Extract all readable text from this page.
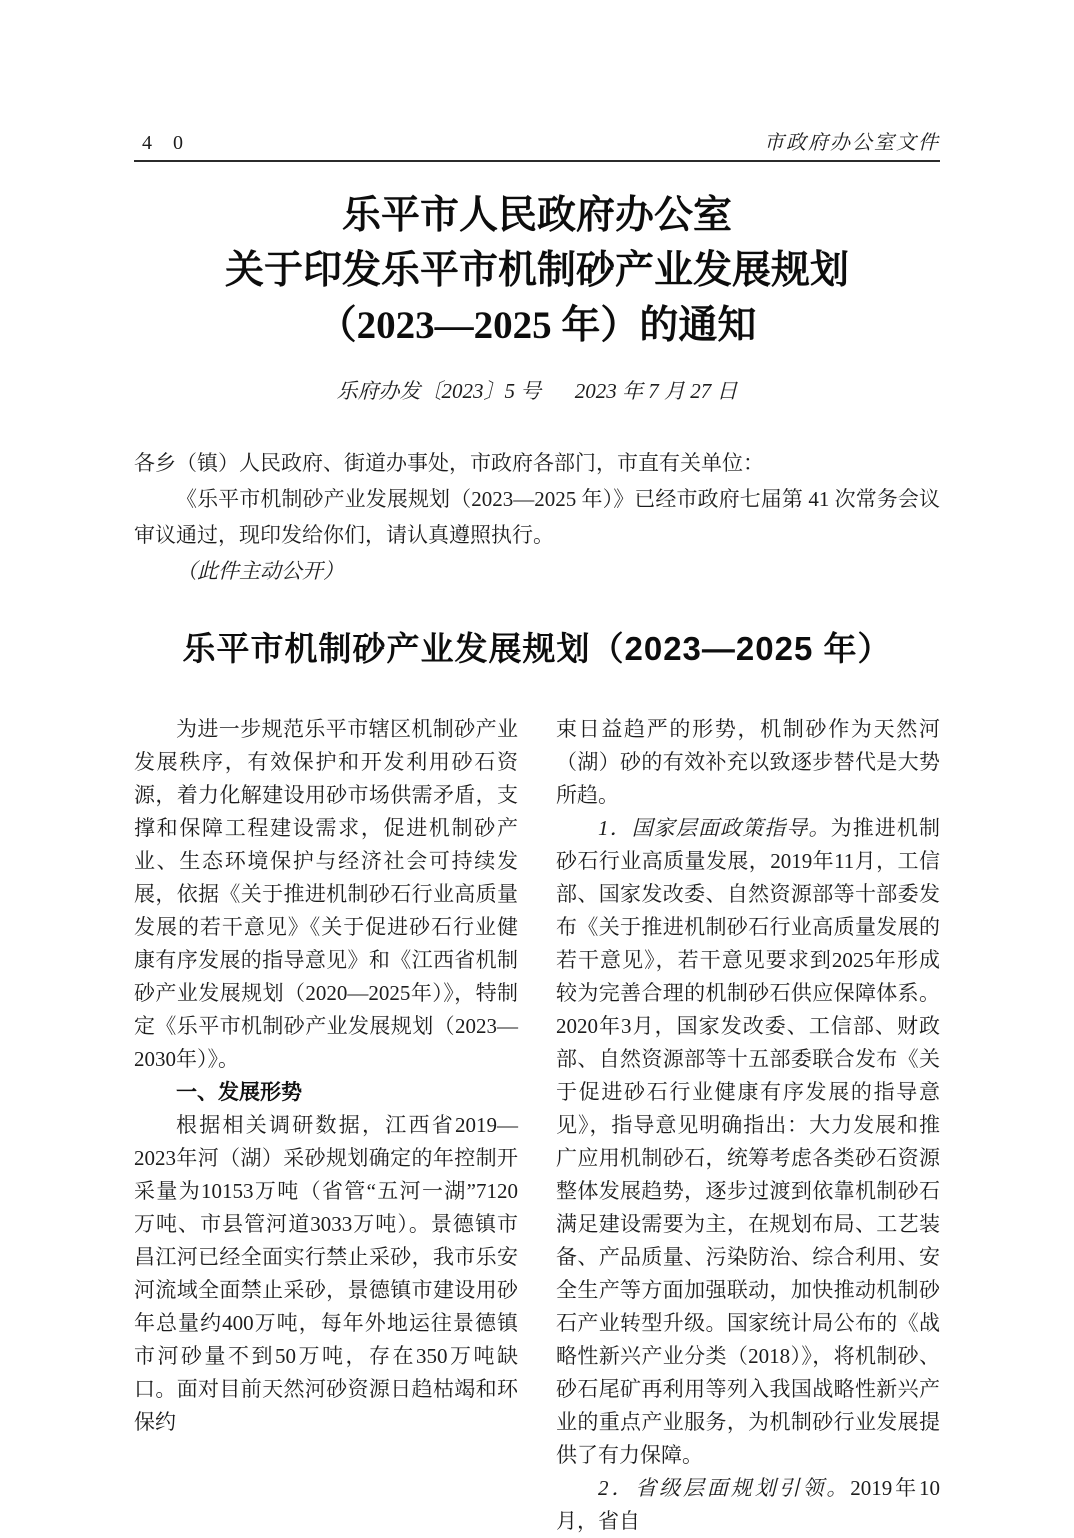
4 0	市政府办公室文件
乐平市人民政府办公室
关于印发乐平市机制砂产业发展规划
（2023—2025 年）的通知
乐府办发〔2023〕5 号 2023 年 7 月 27 日

各乡（镇）人民政府、街道办事处，市政府各部门，市直有关单位：

《乐平市机制砂产业发展规划（2023—2025 年）》已经市政府七届第 41 次常务会议审议通过，现印发给你们，请认真遵照执行。

（此件主动公开）

乐平市机制砂产业发展规划（2023—2025 年）

为进一步规范乐平市辖区机制砂产业发展秩序，有效保护和开发利用砂石资源，着力化解建设用砂市场供需矛盾，支撑和保障工程建设需求，促进机制砂产业、生态环境保护与经济社会可持续发展，依据《关于推进机制砂石行业高质量发展的若干意见》《关于促进砂石行业健康有序发展的指导意见》和《江西省机制砂产业发展规划（2020—2025年）》，特制定《乐平市机制砂产业发展规划（2023—2030年）》。

一、发展形势

根据相关调研数据，江西省2019—2023年河（湖）采砂规划确定的年控制开采量为10153万吨（省管“五河一湖”7120万吨、市县管河道3033万吨）。景德镇市昌江河已经全面实行禁止采砂，我市乐安河流域全面禁止采砂，景德镇市建设用砂年总量约400万吨，每年外地运往景德镇市河砂量不到50万吨，存在350万吨缺口。面对目前天然河砂资源日趋枯竭和环保约

束日益趋严的形势，机制砂作为天然河（湖）砂的有效补充以致逐步替代是大势所趋。

1．国家层面政策指导。为推进机制砂石行业高质量发展，2019年11月，工信部、国家发改委、自然资源部等十部委发布《关于推进机制砂石行业高质量发展的若干意见》，若干意见要求到2025年形成较为完善合理的机制砂石供应保障体系。2020年3月，国家发改委、工信部、财政部、自然资源部等十五部委联合发布《关于促进砂石行业健康有序发展的指导意见》，指导意见明确指出：大力发展和推广应用机制砂石，统筹考虑各类砂石资源整体发展趋势，逐步过渡到依靠机制砂石满足建设需要为主，在规划布局、工艺装备、产品质量、污染防治、综合利用、安全生产等方面加强联动，加快推动机制砂石产业转型升级。国家统计局公布的《战略性新兴产业分类（2018）》，将机制砂、砂石尾矿再利用等列入我国战略性新兴产业的重点产业服务，为机制砂行业发展提供了有力保障。

2．省级层面规划引领。2019年10月，省自
